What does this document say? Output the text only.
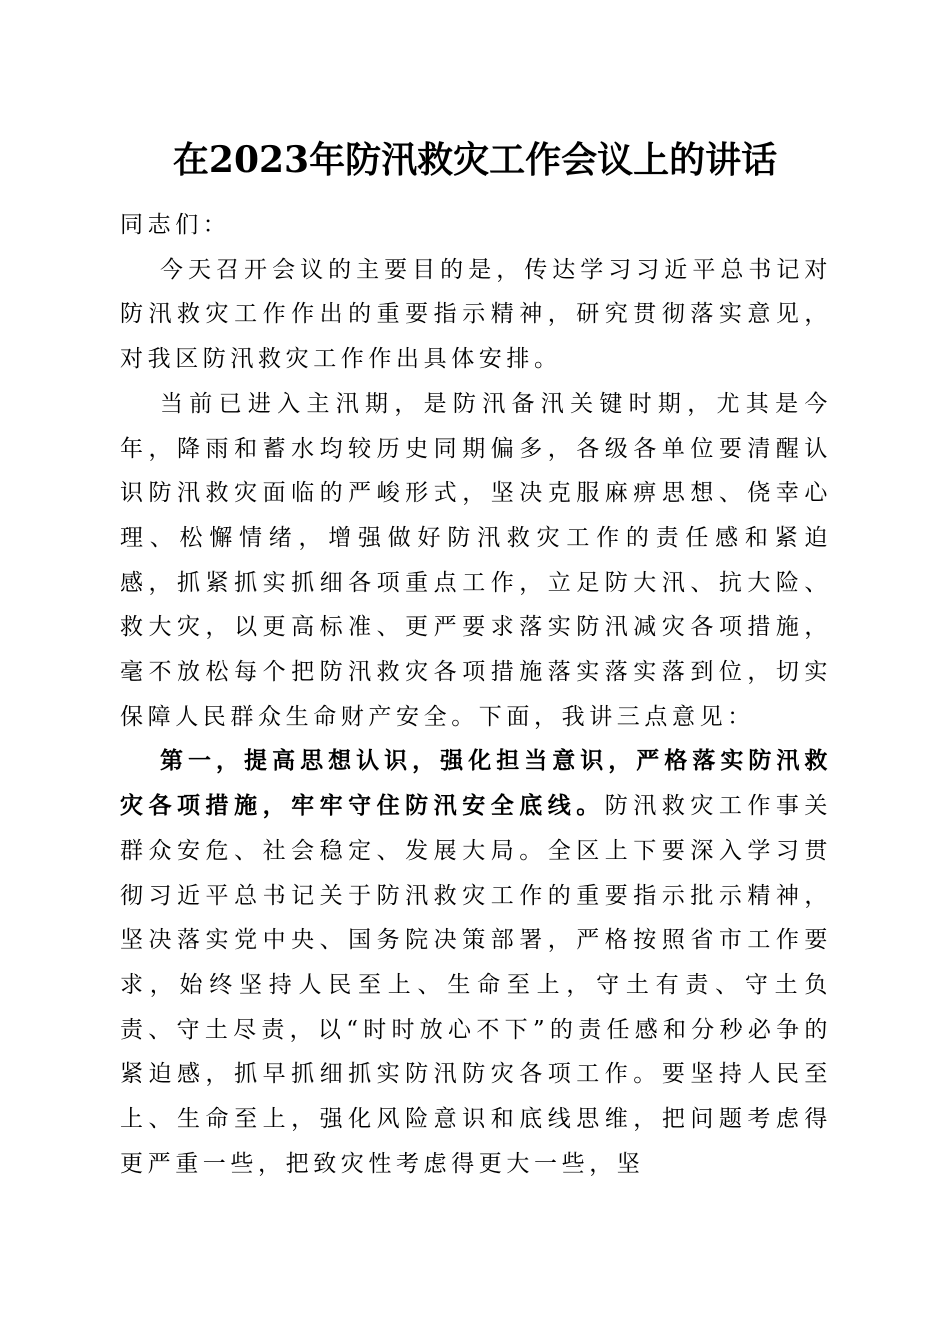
在2023年防汛救灾工作会议上的讲话

同志们：

今天召开会议的主要目的是，传达学习习近平总书记对防汛救灾工作作出的重要指示精神，研究贯彻落实意见，对我区防汛救灾工作作出具体安排。

当前已进入主汛期，是防汛备汛关键时期，尤其是今年，降雨和蓄水均较历史同期偏多，各级各单位要清醒认识防汛救灾面临的严峻形式，坚决克服麻痹思想、侥幸心理、松懈情绪，增强做好防汛救灾工作的责任感和紧迫感，抓紧抓实抓细各项重点工作，立足防大汛、抗大险、救大灾，以更高标准、更严要求落实防汛减灾各项措施，毫不放松每个把防汛救灾各项措施落实落实落到位，切实保障人民群众生命财产安全。下面，我讲三点意见：

第一，提高思想认识，强化担当意识，严格落实防汛救灾各项措施，牢牢守住防汛安全底线。防汛救灾工作事关群众安危、社会稳定、发展大局。全区上下要深入学习贯彻习近平总书记关于防汛救灾工作的重要指示批示精神，坚决落实党中央、国务院决策部署，严格按照省市工作要求，始终坚持人民至上、生命至上，守土有责、守土负责、守土尽责，以“时时放心不下”的责任感和分秒必争的紧迫感，抓早抓细抓实防汛防灾各项工作。要坚持人民至上、生命至上，强化风险意识和底线思维，把问题考虑得更严重一些，把致灾性考虑得更大一些，坚
